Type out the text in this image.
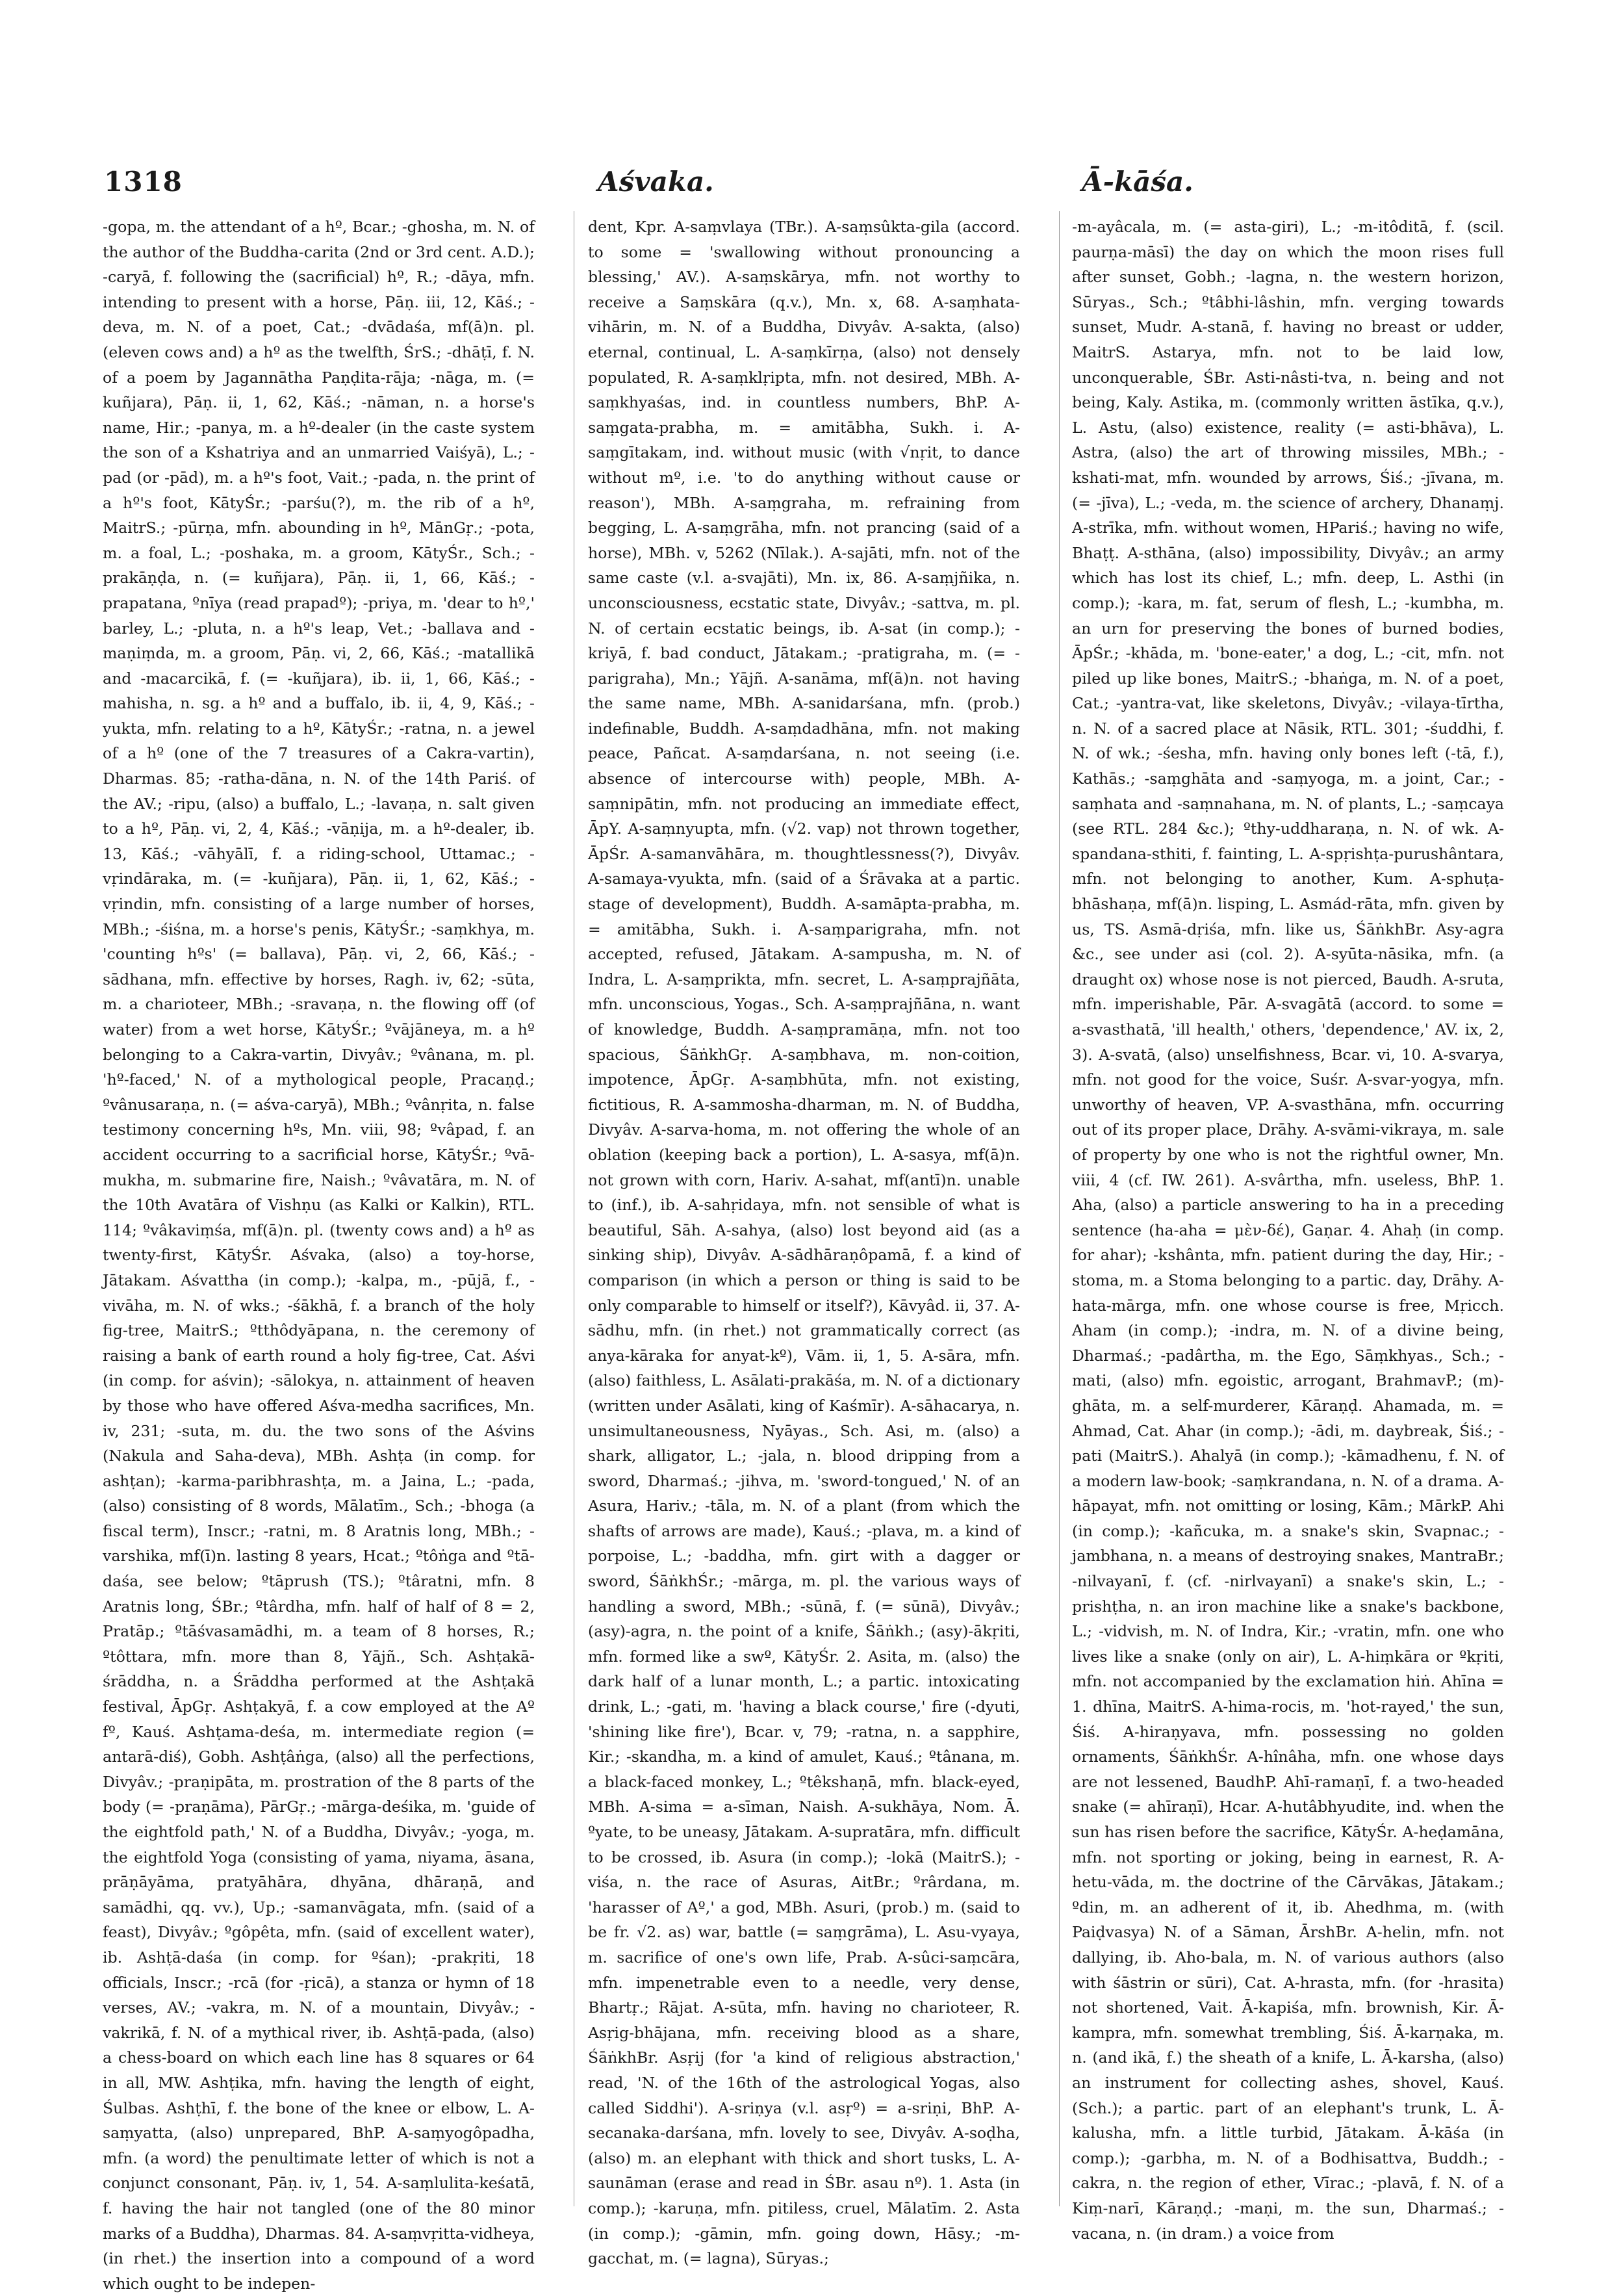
1318	Aśvaka.	Ā-kāśa.
-gopa, m. the attendant of a hº, Bcar.; -ghosha, m. N. of the author of the Buddha-carita (2nd or 3rd cent. A.D.); -caryā, f. following the (sacrificial) hº, R.; -dāya, mfn. intending to present with a horse, Pāṇ. iii, 12, Kāś.; -deva, m. N. of a poet, Cat.; -dvādaśa, mf(ā)n. pl. (eleven cows and) a hº as the twelfth, ŚrS.; -dhāṭī, f. N. of a poem by Jagannātha Paṇḍita-rāja; -nāga, m. (= kuñjara), Pāṇ. ii, 1, 62, Kāś.; -nāman, n. a horse's name, Hir.; -panya, m. a hº-dealer (in the caste system the son of a Kshatriya and an unmarried Vaiśyā), L.; -pad (or -pād), m. a hº's foot, Vait.; -pada, n. the print of a hº's foot, KātyŚr.; -parśu(?), m. the rib of a hº, MaitrS.; -pūrṇa, mfn. abounding in hº, MānGṛ.; -pota, m. a foal, L.; -poshaka, m. a groom, KātyŚr., Sch.; -prakāṇḍa, n. (= kuñjara), Pāṇ. ii, 1, 66, Kāś.; -prapatana, ºnīya (read prapadº); -priya, m. 'dear to hº,' barley, L.; -pluta, n. a hº's leap, Vet.; -ballava and -maṇiṃda, m. a groom, Pāṇ. vi, 2, 66, Kāś.; -matallikā and -macarcikā, f. (= -kuñjara), ib. ii, 1, 66, Kāś.; -mahisha, n. sg. a hº and a buffalo, ib. ii, 4, 9, Kāś.; -yukta, mfn. relating to a hº, KātyŚr.; -ratna, n. a jewel of a hº (one of the 7 treasures of a Cakra-vartin), Dharmas. 85; -ratha-dāna, n. N. of the 14th Pariś. of the AV.; -ripu, (also) a buffalo, L.; -lavaṇa, n. salt given to a hº, Pāṇ. vi, 2, 4, Kāś.; -vāṇija, m. a hº-dealer, ib. 13, Kāś.; -vāhyālī, f. a riding-school, Uttamac.; -vṛindāraka, m. (= -kuñjara), Pāṇ. ii, 1, 62, Kāś.; -vṛindin, mfn. consisting of a large number of horses, MBh.; -śiśna, m. a horse's penis, KātyŚr.; -saṃkhya, m. 'counting hºs' (= ballava), Pāṇ. vi, 2, 66, Kāś.; -sādhana, mfn. effective by horses, Ragh. iv, 62; -sūta, m. a charioteer, MBh.; -sravaṇa, n. the flowing off (of water) from a wet horse, KātyŚr.; ºvājāneya, m. a hº belonging to a Cakra-vartin, Divyâv.; ºvânana, m. pl. 'hº-faced,' N. of a mythological people, Pracaṇḍ.; ºvânusaraṇa, n. (= aśva-caryā), MBh.; ºvânṛita, n. false testimony concerning hºs, Mn. viii, 98; ºvâpad, f. an accident occurring to a sacrificial horse, KātyŚr.; ºvā-mukha, m. submarine fire, Naish.; ºvâvatāra, m. N. of the 10th Avatāra of Vishṇu (as Kalki or Kalkin), RTL. 114; ºvâkaviṃśa, mf(ā)n. pl. (twenty cows and) a hº as twenty-first, KātyŚr. Aśvaka, (also) a toy-horse, Jātakam. Aśvattha (in comp.); -kalpa, m., -pūjā, f., -vivāha, m. N. of wks.; -śākhā, f. a branch of the holy fig-tree, MaitrS.; ºtthôdyāpana, n. the ceremony of raising a bank of earth round a holy fig-tree, Cat. Aśvi (in comp. for aśvin); -sālokya, n. attainment of heaven by those who have offered Aśva-medha sacrifices, Mn. iv, 231; -suta, m. du. the two sons of the Aśvins (Nakula and Saha-deva), MBh. Ashṭa (in comp. for ashṭan); -karma-paribhrashṭa, m. a Jaina, L.; -pada, (also) consisting of 8 words, Mālatīm., Sch.; -bhoga (a fiscal term), Inscr.; -ratni, m. 8 Aratnis long, MBh.; -varshika, mf(ī)n. lasting 8 years, Hcat.; ºtôṅga and ºtā-daśa, see below; ºtāprush (TS.); ºtâratni, mfn. 8 Aratnis long, ŚBr.; ºtârdha, mfn. half of half of 8 = 2, Pratāp.; ºtāśvasamādhi, m. a team of 8 horses, R.; ºtôttara, mfn. more than 8, Yājñ., Sch. Ashṭakā-śrāddha, n. a Śrāddha performed at the Ashṭakā festival, ĀpGṛ. Ashṭakyā, f. a cow employed at the Aº fº, Kauś. Ashṭama-deśa, m. intermediate region (= antarā-diś), Gobh. Ashṭâṅga, (also) all the perfections, Divyâv.; -praṇipāta, m. prostration of the 8 parts of the body (= -praṇāma), PārGṛ.; -mārga-deśika, m. 'guide of the eightfold path,' N. of a Buddha, Divyâv.; -yoga, m. the eightfold Yoga (consisting of yama, niyama, āsana, prāṇāyāma, pratyāhāra, dhyāna, dhāraṇā, and samādhi, qq. vv.), Up.; -samanvāgata, mfn. (said of a feast), Divyâv.; ºgôpêta, mfn. (said of excellent water), ib. Ashṭā-daśa (in comp. for ºśan); -prakṛiti, 18 officials, Inscr.; -rcā (for -ṛicā), a stanza or hymn of 18 verses, AV.; -vakra, m. N. of a mountain, Divyâv.; -vakrikā, f. N. of a mythical river, ib. Ashṭā-pada, (also) a chess-board on which each line has 8 squares or 64 in all, MW. Ashṭika, mfn. having the length of eight, Śulbas. Ashṭhī, f. the bone of the knee or elbow, L. A-saṃyatta, (also) unprepared, BhP. A-saṃyogôpadha, mfn. (a word) the penultimate letter of which is not a conjunct consonant, Pāṇ. iv, 1, 54. A-saṃlulita-keśatā, f. having the hair not tangled (one of the 80 minor marks of a Buddha), Dharmas. 84. A-saṃvṛitta-vidheya, (in rhet.) the insertion into a compound of a word which ought to be indepen-
dent, Kpr. A-saṃvlaya (TBr.). A-saṃsûkta-gila (accord. to some = 'swallowing without pronouncing a blessing,' AV.). A-saṃskārya, mfn. not worthy to receive a Saṃskāra (q.v.), Mn. x, 68. A-saṃhata-vihārin, m. N. of a Buddha, Divyâv. A-sakta, (also) eternal, continual, L. A-saṃkīrṇa, (also) not densely populated, R. A-saṃklṛipta, mfn. not desired, MBh. A-saṃkhyaśas, ind. in countless numbers, BhP. A-saṃgata-prabha, m. = amitābha, Sukh. i. A-saṃgītakam, ind. without music (with √nṛit, to dance without mº, i.e. 'to do anything without cause or reason'), MBh. A-saṃgraha, m. refraining from begging, L. A-saṃgrāha, mfn. not prancing (said of a horse), MBh. v, 5262 (Nīlak.). A-sajāti, mfn. not of the same caste (v.l. a-svajāti), Mn. ix, 86. A-saṃjñika, n. unconsciousness, ecstatic state, Divyâv.; -sattva, m. pl. N. of certain ecstatic beings, ib. A-sat (in comp.); -kriyā, f. bad conduct, Jātakam.; -pratigraha, m. (= -parigraha), Mn.; Yājñ. A-sanāma, mf(ā)n. not having the same name, MBh. A-sanidarśana, mfn. (prob.) indefinable, Buddh. A-saṃdadhāna, mfn. not making peace, Pañcat. A-saṃdarśana, n. not seeing (i.e. absence of intercourse with) people, MBh. A-saṃnipātin, mfn. not producing an immediate effect, ĀpY. A-saṃnyupta, mfn. (√2. vap) not thrown together, ĀpŚr. A-samanvāhāra, m. thoughtlessness(?), Divyâv. A-samaya-vyukta, mfn. (said of a Śrāvaka at a partic. stage of development), Buddh. A-samāpta-prabha, m. = amitābha, Sukh. i. A-saṃparigraha, mfn. not accepted, refused, Jātakam. A-sampusha, m. N. of Indra, L. A-saṃprikta, mfn. secret, L. A-saṃprajñāta, mfn. unconscious, Yogas., Sch. A-saṃprajñāna, n. want of knowledge, Buddh. A-saṃpramāṇa, mfn. not too spacious, ŚāṅkhGṛ. A-saṃbhava, m. non-coition, impotence, ĀpGṛ. A-saṃbhūta, mfn. not existing, fictitious, R. A-sammosha-dharman, m. N. of Buddha, Divyâv. A-sarva-homa, m. not offering the whole of an oblation (keeping back a portion), L. A-sasya, mf(ā)n. not grown with corn, Hariv. A-sahat, mf(antī)n. unable to (inf.), ib. A-sahṛidaya, mfn. not sensible of what is beautiful, Sāh. A-sahya, (also) lost beyond aid (as a sinking ship), Divyâv. A-sādhāraṇôpamā, f. a kind of comparison (in which a person or thing is said to be only comparable to himself or itself?), Kāvyâd. ii, 37. A-sādhu, mfn. (in rhet.) not grammatically correct (as anya-kāraka for anyat-kº), Vām. ii, 1, 5. A-sāra, mfn. (also) faithless, L. Asālati-prakāśa, m. N. of a dictionary (written under Asālati, king of Kaśmīr). A-sāhacarya, n. unsimultaneousness, Nyāyas., Sch. Asi, m. (also) a shark, alligator, L.; -jala, n. blood dripping from a sword, Dharmaś.; -jihva, m. 'sword-tongued,' N. of an Asura, Hariv.; -tāla, m. N. of a plant (from which the shafts of arrows are made), Kauś.; -plava, m. a kind of porpoise, L.; -baddha, mfn. girt with a dagger or sword, ŚāṅkhŚr.; -mārga, m. pl. the various ways of handling a sword, MBh.; -sūnā, f. (= sūnā), Divyâv.; (asy)-agra, n. the point of a knife, Śāṅkh.; (asy)-ākṛiti, mfn. formed like a swº, KātyŚr. 2. Asita, m. (also) the dark half of a lunar month, L.; a partic. intoxicating drink, L.; -gati, m. 'having a black course,' fire (-dyuti, 'shining like fire'), Bcar. v, 79; -ratna, n. a sapphire, Kir.; -skandha, m. a kind of amulet, Kauś.; ºtânana, m. a black-faced monkey, L.; ºtêkshaṇā, mfn. black-eyed, MBh. A-sima = a-sīman, Naish. A-sukhāya, Nom. Ā. ºyate, to be uneasy, Jātakam. A-supratāra, mfn. difficult to be crossed, ib. Asura (in comp.); -lokā (MaitrS.); -viśa, n. the race of Asuras, AitBr.; ºrârdana, m. 'harasser of Aº,' a god, MBh. Asuri, (prob.) m. (said to be fr. √2. as) war, battle (= saṃgrāma), L. Asu-vyaya, m. sacrifice of one's own life, Prab. A-sûci-saṃcāra, mfn. impenetrable even to a needle, very dense, Bhartṛ.; Rājat. A-sūta, mfn. having no charioteer, R. Asṛig-bhājana, mfn. receiving blood as a share, ŚāṅkhBr. Asṛij (for 'a kind of religious abstraction,' read, 'N. of the 16th of the astrological Yogas, also called Siddhi'). A-sriṇya (v.l. asṛº) = a-sriṇi, BhP. A-secanaka-darśana, mfn. lovely to see, Divyâv. A-soḍha, (also) m. an elephant with thick and short tusks, L. A-saunāman (erase and read in ŚBr. asau nº). 1. Asta (in comp.); -karuṇa, mfn. pitiless, cruel, Mālatīm. 2. Asta (in comp.); -gāmin, mfn. going down, Hāsy.; -m-gacchat, m. (= lagna), Sūryas.;
-m-ayâcala, m. (= asta-giri), L.; -m-itôditā, f. (scil. paurṇa-māsī) the day on which the moon rises full after sunset, Gobh.; -lagna, n. the western horizon, Sūryas., Sch.; ºtâbhi-lâshin, mfn. verging towards sunset, Mudr. A-stanā, f. having no breast or udder, MaitrS. Astarya, mfn. not to be laid low, unconquerable, ŚBr. Asti-nâsti-tva, n. being and not being, Kaly. Astika, m. (commonly written āstīka, q.v.), L. Astu, (also) existence, reality (= asti-bhāva), L. Astra, (also) the art of throwing missiles, MBh.; -kshati-mat, mfn. wounded by arrows, Śiś.; -jīvana, m. (= -jīva), L.; -veda, m. the science of archery, Dhanaṃj. A-strīka, mfn. without women, HPariś.; having no wife, Bhaṭṭ. A-sthāna, (also) impossibility, Divyâv.; an army which has lost its chief, L.; mfn. deep, L. Asthi (in comp.); -kara, m. fat, serum of flesh, L.; -kumbha, m. an urn for preserving the bones of burned bodies, ĀpŚr.; -khāda, m. 'bone-eater,' a dog, L.; -cit, mfn. not piled up like bones, MaitrS.; -bhaṅga, m. N. of a poet, Cat.; -yantra-vat, like skeletons, Divyâv.; -vilaya-tīrtha, n. N. of a sacred place at Nāsik, RTL. 301; -śuddhi, f. N. of wk.; -śesha, mfn. having only bones left (-tā, f.), Kathās.; -saṃghāta and -saṃyoga, m. a joint, Car.; -saṃhata and -saṃnahana, m. N. of plants, L.; -saṃcaya (see RTL. 284 &c.); ºthy-uddharaṇa, n. N. of wk. A-spandana-sthiti, f. fainting, L. A-spṛishṭa-purushântara, mfn. not belonging to another, Kum. A-sphuṭa-bhāshaṇa, mf(ā)n. lisping, L. Asmád-rāta, mfn. given by us, TS. Asmā-dṛiśa, mfn. like us, ŚāṅkhBr. Asy-agra &c., see under asi (col. 2). A-syūta-nāsika, mfn. (a draught ox) whose nose is not pierced, Baudh. A-sruta, mfn. imperishable, Pār. A-svagātā (accord. to some = a-svasthatā, 'ill health,' others, 'dependence,' AV. ix, 2, 3). A-svatā, (also) unselfishness, Bcar. vi, 10. A-svarya, mfn. not good for the voice, Suśr. A-svar-yogya, mfn. unworthy of heaven, VP. A-svasthāna, mfn. occurring out of its proper place, Drāhy. A-svāmi-vikraya, m. sale of property by one who is not the rightful owner, Mn. viii, 4 (cf. IW. 261). A-svârtha, mfn. useless, BhP. 1. Aha, (also) a particle answering to ha in a preceding sentence (ha-aha = μὲν-δέ), Gaṇar. 4. Ahaḥ (in comp. for ahar); -kshânta, mfn. patient during the day, Hir.; -stoma, m. a Stoma belonging to a partic. day, Drāhy. A-hata-mārga, mfn. one whose course is free, Mṛicch. Aham (in comp.); -indra, m. N. of a divine being, Dharmaś.; -padârtha, m. the Ego, Sāṃkhyas., Sch.; -mati, (also) mfn. egoistic, arrogant, BrahmavP.; (m)-ghāta, m. a self-murderer, Kāraṇḍ. Ahamada, m. = Ahmad, Cat. Ahar (in comp.); -ādi, m. daybreak, Śiś.; -pati (MaitrS.). Ahalyā (in comp.); -kāmadhenu, f. N. of a modern law-book; -saṃkrandana, n. N. of a drama. A-hāpayat, mfn. not omitting or losing, Kām.; MārkP. Ahi (in comp.); -kañcuka, m. a snake's skin, Svapnac.; -jambhana, n. a means of destroying snakes, MantraBr.; -nilvayanī, f. (cf. -nirlvayanī) a snake's skin, L.; -prishṭha, n. an iron machine like a snake's backbone, L.; -vidvish, m. N. of Indra, Kir.; -vratin, mfn. one who lives like a snake (only on air), L. A-hiṃkāra or ºkṛiti, mfn. not accompanied by the exclamation hiṅ. Ahīna = 1. dhīna, MaitrS. A-hima-rocis, m. 'hot-rayed,' the sun, Śiś. A-hiraṇyava, mfn. possessing no golden ornaments, ŚāṅkhŚr. A-hînâha, mfn. one whose days are not lessened, BaudhP. Ahī-ramaṇī, f. a two-headed snake (= ahīraṇī), Hcar. A-hutâbhyudite, ind. when the sun has risen before the sacrifice, KātyŚr. A-heḍamāna, mfn. not sporting or joking, being in earnest, R. A-hetu-vāda, m. the doctrine of the Cārvākas, Jātakam.; ºdin, m. an adherent of it, ib. Ahedhma, m. (with Paiḍvasya) N. of a Sāman, ĀrshBr. A-helin, mfn. not dallying, ib. Aho-bala, m. N. of various authors (also with śāstrin or sūri), Cat. A-hrasta, mfn. (for -hrasita) not shortened, Vait. Ā-kapiśa, mfn. brownish, Kir. Ā-kampra, mfn. somewhat trembling, Śiś. Ā-karṇaka, m. n. (and ikā, f.) the sheath of a knife, L. Ā-karsha, (also) an instrument for collecting ashes, shovel, Kauś. (Sch.); a partic. part of an elephant's trunk, L. Ā-kalusha, mfn. a little turbid, Jātakam. Ā-kāśa (in comp.); -garbha, m. N. of a Bodhisattva, Buddh.; -cakra, n. the region of ether, Vīrac.; -plavā, f. N. of a Kiṃ-narī, Kāraṇḍ.; -maṇi, m. the sun, Dharmaś.; -vacana, n. (in dram.) a voice from
